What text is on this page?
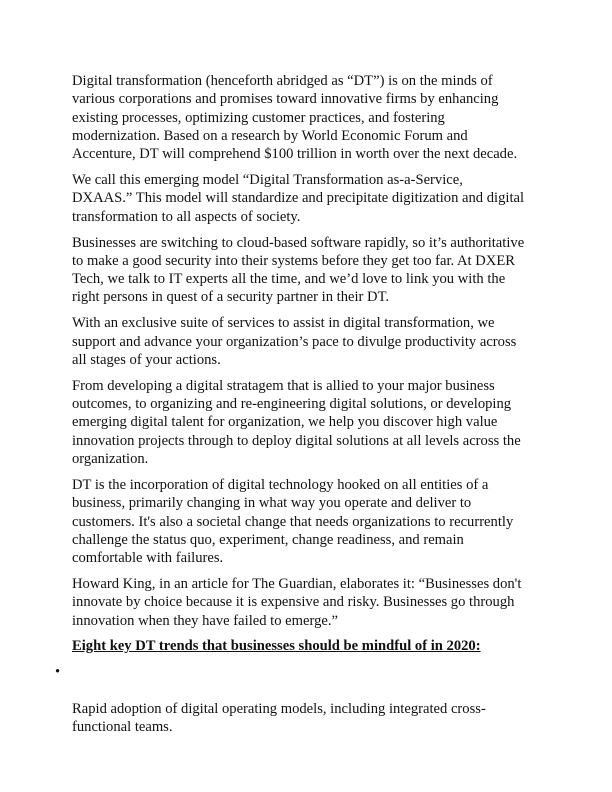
Digital transformation (henceforth abridged as “DT”) is on the minds of
various corporations and promises toward innovative firms by enhancing
existing processes, optimizing customer practices, and fostering
modernization. Based on a research by World Economic Forum and
Accenture, DT will comprehend $100 trillion in worth over the next decade.

We call this emerging model “Digital Transformation as-a-Service,
DXAAS.” This model will standardize and precipitate digitization and digital
transformation to all aspects of society.

Businesses are switching to cloud-based software rapidly, so it’s authoritative
to make a good security into their systems before they get too far. At DXER
Tech, we talk to IT experts all the time, and we’d love to link you with the
right persons in quest of a security partner in their DT.

With an exclusive suite of services to assist in digital transformation, we
support and advance your organization’s pace to divulge productivity across
all stages of your actions.

From developing a digital stratagem that is allied to your major business
outcomes, to organizing and re-engineering digital solutions, or developing
emerging digital talent for organization, we help you discover high value
innovation projects through to deploy digital solutions at all levels across the
organization.

DT is the incorporation of digital technology hooked on all entities of a
business, primarily changing in what way you operate and deliver to
customers. It's also a societal change that needs organizations to recurrently
challenge the status quo, experiment, change readiness, and remain
comfortable with failures.

Howard King, in an article for The Guardian, elaborates it: “Businesses don't
innovate by choice because it is expensive and risky. Businesses go through
innovation when they have failed to emerge.”

Eight key DT trends that businesses should be mindful of in 2020:

•

Rapid adoption of digital operating models, including integrated cross-
functional teams.
